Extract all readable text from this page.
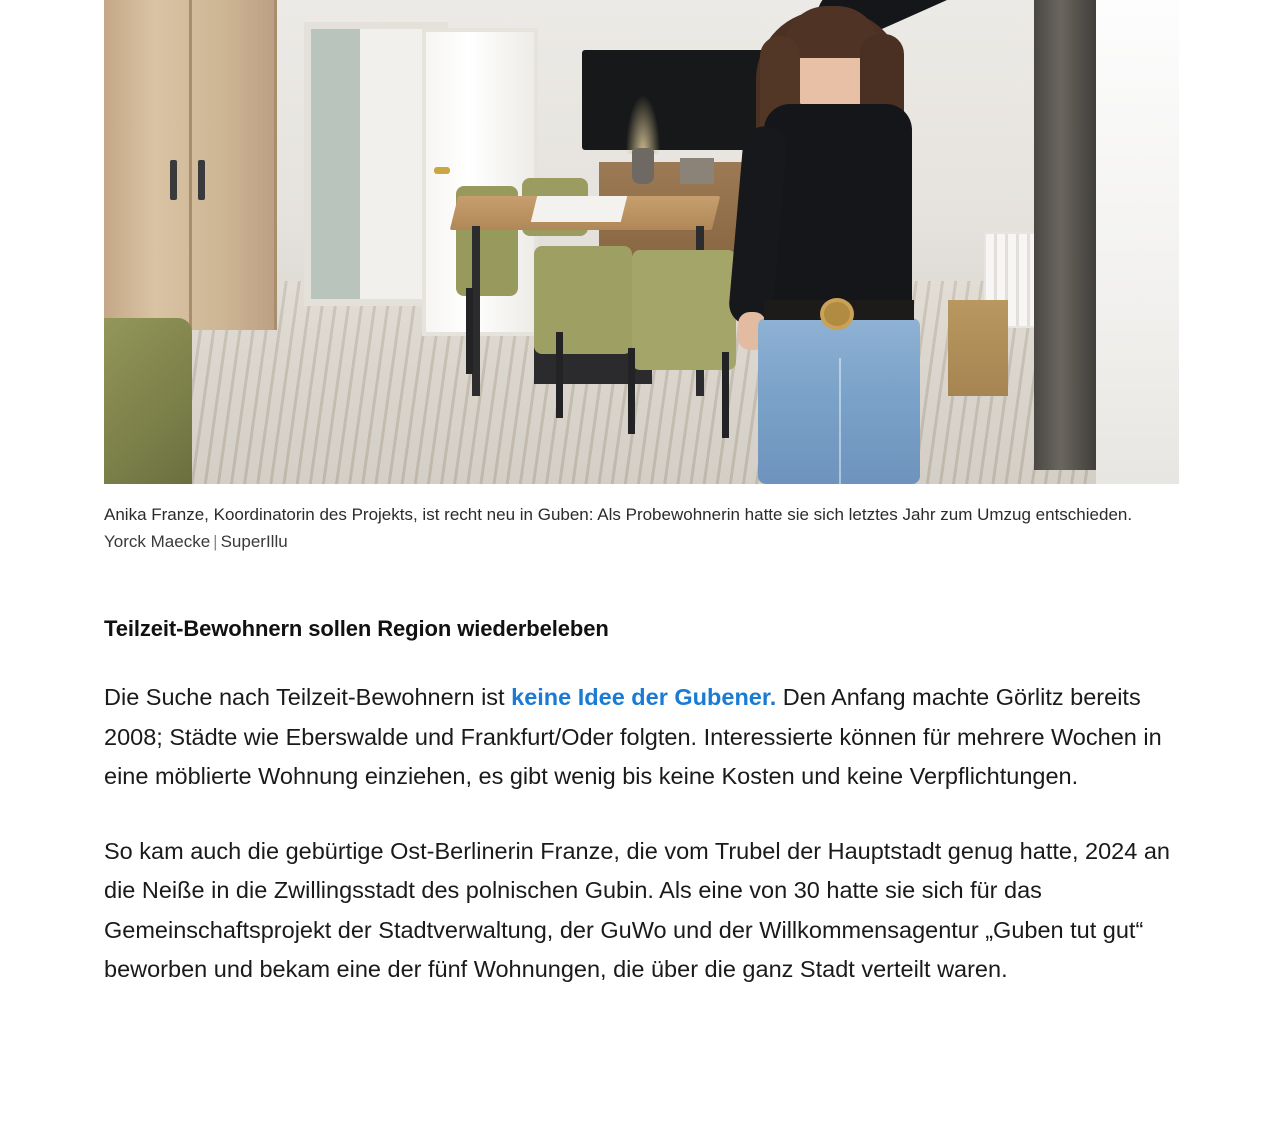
Anika Franze, Koordinatorin des Projekts, ist recht neu in Guben: Als Probewohnerin hatte sie sich letztes Jahr zum Umzug entschieden.
Yorck Maecke | SuperIllu
Teilzeit-Bewohnern sollen Region wiederbeleben

Die Suche nach Teilzeit-Bewohnern ist keine Idee der Gubener. Den Anfang machte Görlitz bereits 2008; Städte wie Eberswalde und Frankfurt/Oder folgten. Interessierte können für mehrere Wochen in eine möblierte Wohnung einziehen, es gibt wenig bis keine Kosten und keine Verpflichtungen.

So kam auch die gebürtige Ost-Berlinerin Franze, die vom Trubel der Hauptstadt genug hatte, 2024 an die Neiße in die Zwillingsstadt des polnischen Gubin. Als eine von 30 hatte sie sich für das Gemeinschaftsprojekt der Stadtverwaltung, der GuWo und der Willkommensagentur „Guben tut gut“ beworben und bekam eine der fünf Wohnungen, die über die ganz Stadt verteilt waren.
